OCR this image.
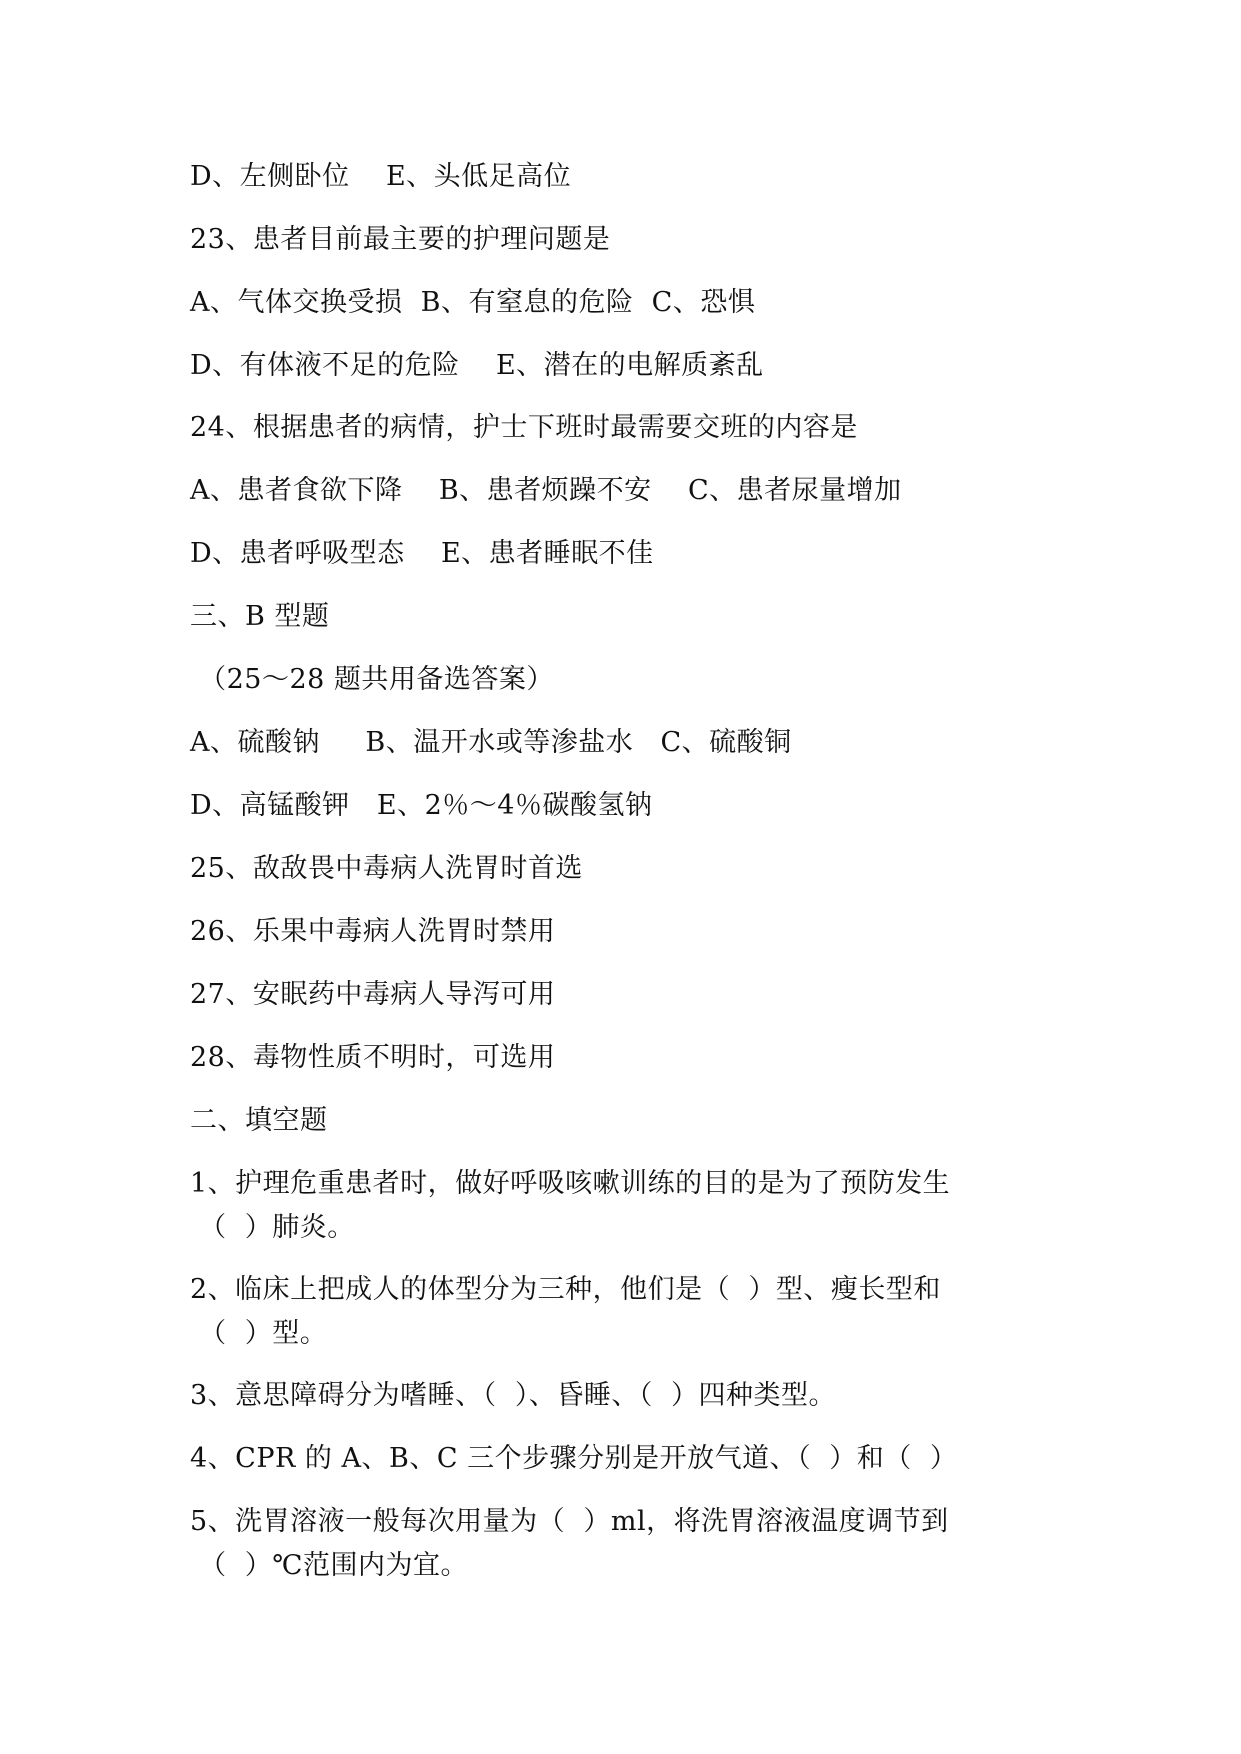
D、左侧卧位    E、头低足高位
23、患者目前最主要的护理问题是
A、气体交换受损  B、有窒息的危险  C、恐惧
D、有体液不足的危险    E、潜在的电解质紊乱
24、根据患者的病情，护士下班时最需要交班的内容是
A、患者食欲下降    B、患者烦躁不安    C、患者尿量增加
D、患者呼吸型态    E、患者睡眠不佳
三、B 型题
（25～28 题共用备选答案）
A、硫酸钠     B、温开水或等渗盐水   C、硫酸铜
D、高锰酸钾   E、2％～4％碳酸氢钠
25、敌敌畏中毒病人洗胃时首选
26、乐果中毒病人洗胃时禁用
27、安眠药中毒病人导泻可用
28、毒物性质不明时，可选用
二、填空题
1、护理危重患者时，做好呼吸咳嗽训练的目的是为了预防发生
（  ）肺炎。
2、临床上把成人的体型分为三种，他们是（  ）型、瘦长型和
（  ）型。
3、意思障碍分为嗜睡、（  ）、昏睡、（  ）四种类型。
4、CPR 的 A、B、C 三个步骤分别是开放气道、（  ）和（  ）
5、洗胃溶液一般每次用量为（  ）ml，将洗胃溶液温度调节到
（  ）℃范围内为宜。
